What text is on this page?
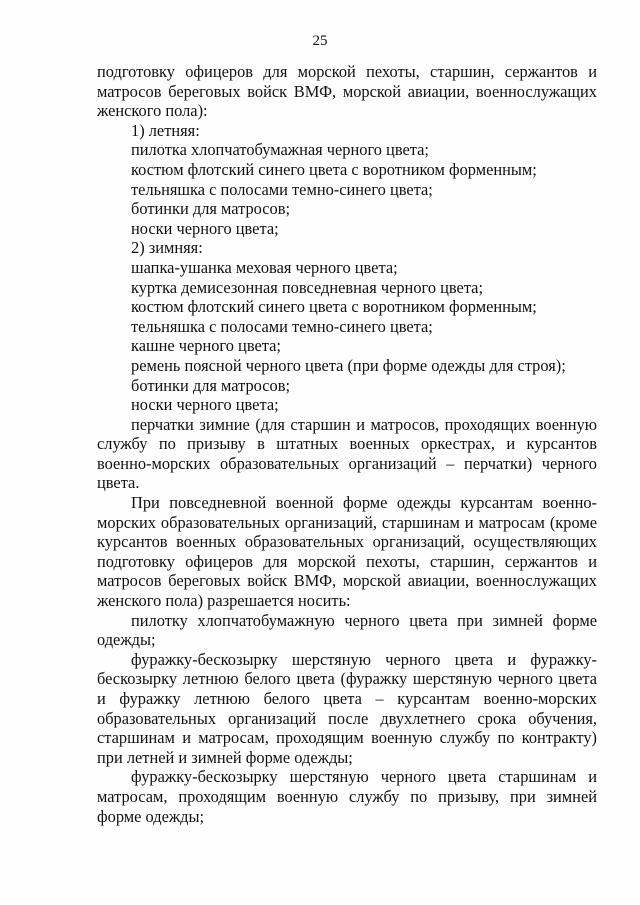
25

подготовку офицеров для морской пехоты, старшин, сержантов и матросов береговых войск ВМФ, морской авиации, военнослужащих женского пола):

1) летняя:

пилотка хлопчатобумажная черного цвета;

костюм флотский синего цвета с воротником форменным;

тельняшка с полосами темно-синего цвета;

ботинки для матросов;

носки черного цвета;

2) зимняя:

шапка-ушанка меховая черного цвета;

куртка демисезонная повседневная черного цвета;

костюм флотский синего цвета с воротником форменным;

тельняшка с полосами темно-синего цвета;

кашне черного цвета;

ремень поясной черного цвета (при форме одежды для строя);

ботинки для матросов;

носки черного цвета;

перчатки зимние (для старшин и матросов, проходящих военную службу по призыву в штатных военных оркестрах, и курсантов военно-морских образовательных организаций – перчатки) черного цвета.

При повседневной военной форме одежды курсантам военно-морских образовательных организаций, старшинам и матросам (кроме курсантов военных образовательных организаций, осуществляющих подготовку офицеров для морской пехоты, старшин, сержантов и матросов береговых войск ВМФ, морской авиации, военнослужащих женского пола) разрешается носить:

пилотку хлопчатобумажную черного цвета при зимней форме одежды;

фуражку-бескозырку шерстяную черного цвета и фуражку-бескозырку летнюю белого цвета (фуражку шерстяную черного цвета и фуражку летнюю белого цвета – курсантам военно-морских образовательных организаций после двухлетнего срока обучения, старшинам и матросам, проходящим военную службу по контракту) при летней и зимней форме одежды;

фуражку-бескозырку шерстяную черного цвета старшинам и матросам, проходящим военную службу по призыву, при зимней форме одежды;
